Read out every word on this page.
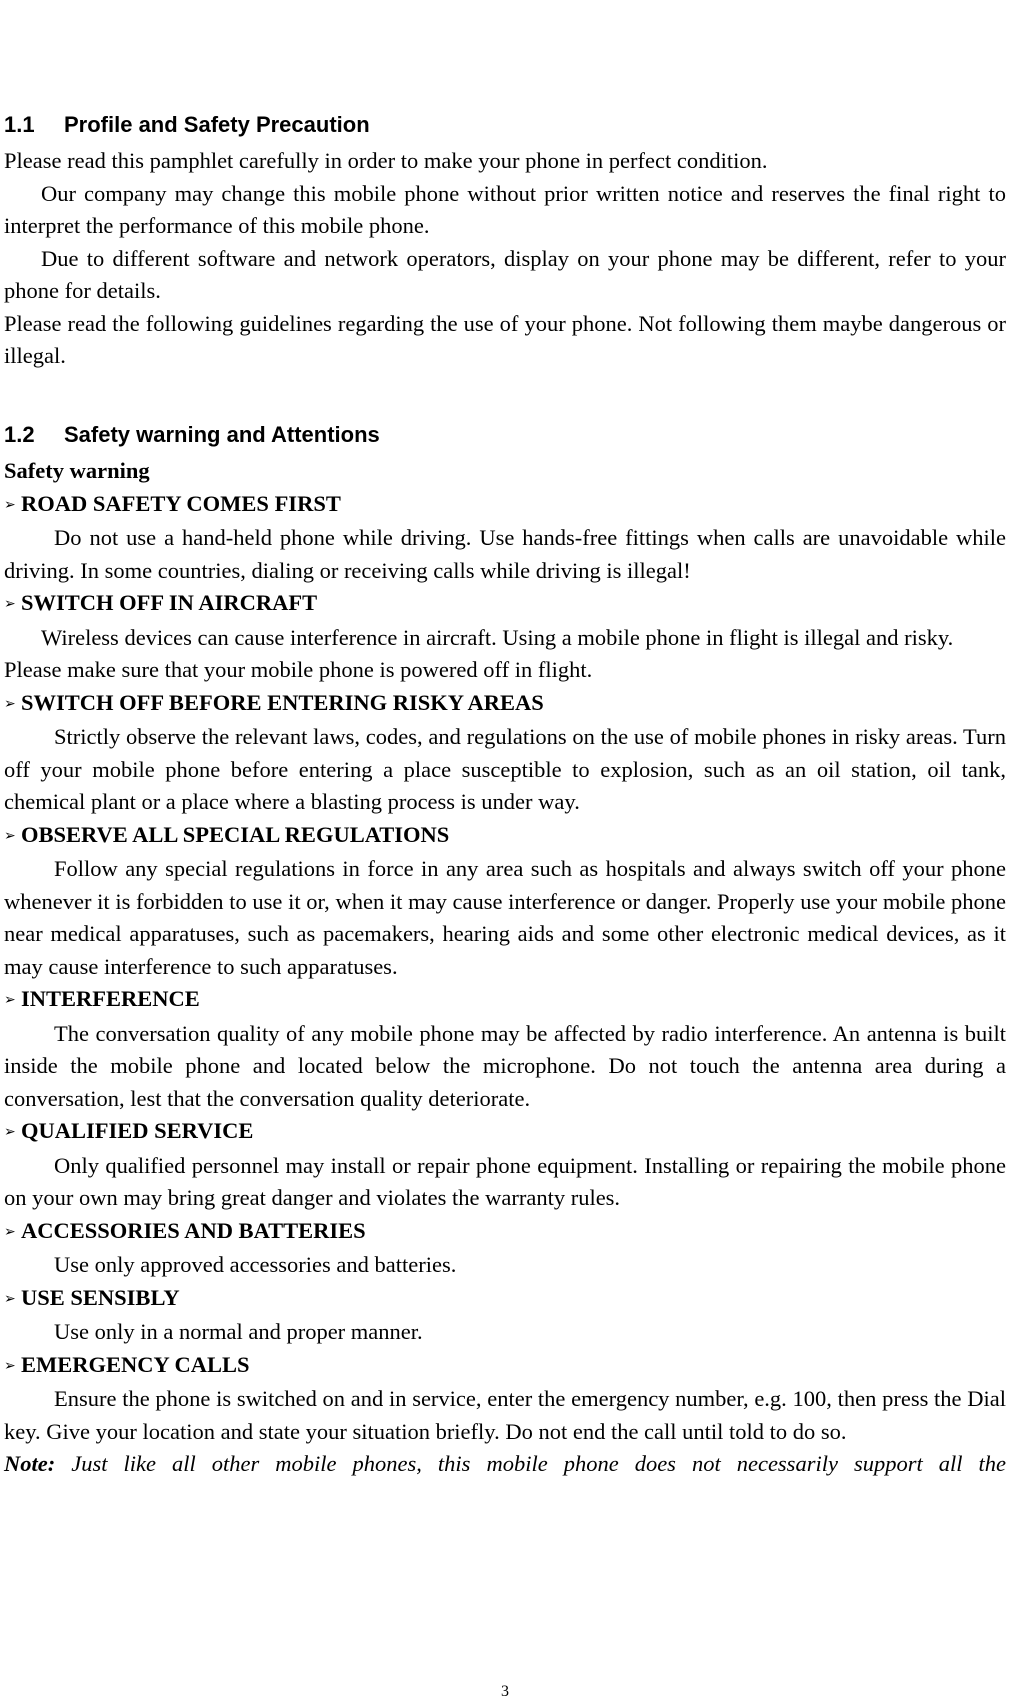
1.1 Profile and Safety Precaution

Please read this pamphlet carefully in order to make your phone in perfect condition.

Our company may change this mobile phone without prior written notice and reserves the final right to interpret the performance of this mobile phone.

Due to different software and network operators, display on your phone may be different, refer to your phone for details.

Please read the following guidelines regarding the use of your phone. Not following them maybe dangerous or illegal.

1.2 Safety warning and Attentions

Safety warning

➢ ROAD SAFETY COMES FIRST

Do not use a hand-held phone while driving. Use hands-free fittings when calls are unavoidable while driving. In some countries, dialing or receiving calls while driving is illegal!

➢ SWITCH OFF IN AIRCRAFT

Wireless devices can cause interference in aircraft. Using a mobile phone in flight is illegal and risky.

Please make sure that your mobile phone is powered off in flight.

➢ SWITCH OFF BEFORE ENTERING RISKY AREAS

Strictly observe the relevant laws, codes, and regulations on the use of mobile phones in risky areas. Turn off your mobile phone before entering a place susceptible to explosion, such as an oil station, oil tank, chemical plant or a place where a blasting process is under way.

➢ OBSERVE ALL SPECIAL REGULATIONS

Follow any special regulations in force in any area such as hospitals and always switch off your phone whenever it is forbidden to use it or, when it may cause interference or danger. Properly use your mobile phone near medical apparatuses, such as pacemakers, hearing aids and some other electronic medical devices, as it may cause interference to such apparatuses.

➢ INTERFERENCE

The conversation quality of any mobile phone may be affected by radio interference. An antenna is built inside the mobile phone and located below the microphone. Do not touch the antenna area during a conversation, lest that the conversation quality deteriorate.

➢ QUALIFIED SERVICE

Only qualified personnel may install or repair phone equipment. Installing or repairing the mobile phone on your own may bring great danger and violates the warranty rules.

➢ ACCESSORIES AND BATTERIES

Use only approved accessories and batteries.

➢ USE SENSIBLY

Use only in a normal and proper manner.

➢ EMERGENCY CALLS

Ensure the phone is switched on and in service, enter the emergency number, e.g. 100, then press the Dial key. Give your location and state your situation briefly. Do not end the call until told to do so.

Note: Just like all other mobile phones, this mobile phone does not necessarily support all the

3
